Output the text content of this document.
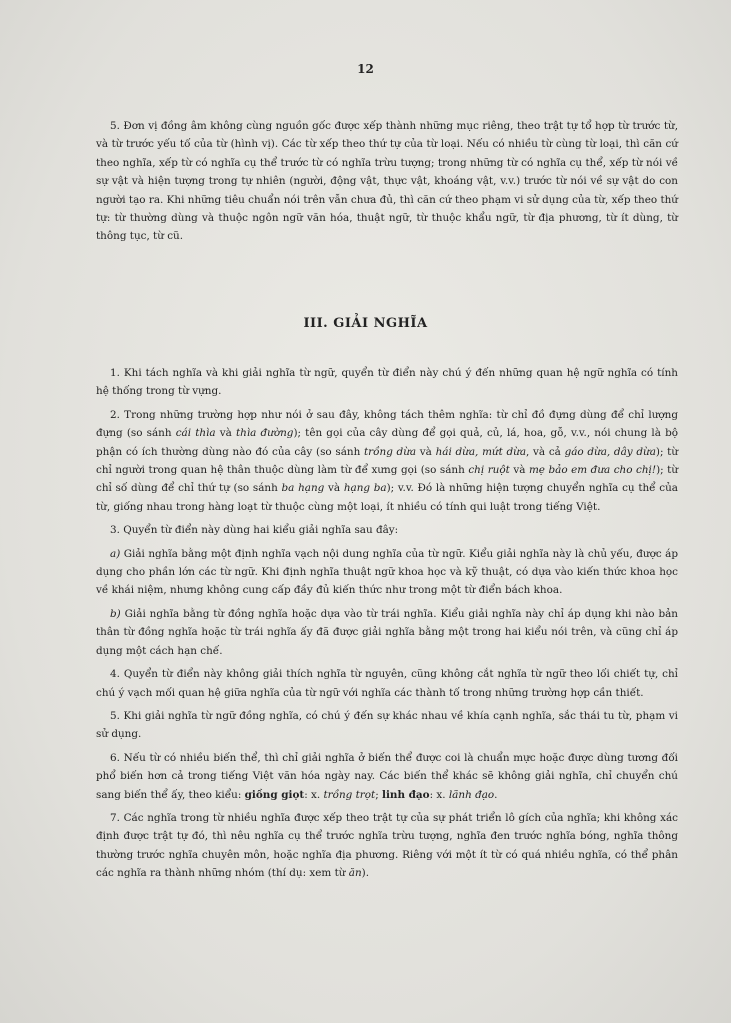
12

5. Đơn vị đồng âm không cùng nguồn gốc được xếp thành những mục riêng, theo trật tự tổ hợp từ trước từ, và từ trước yếu tố của từ (hình vị). Các từ xếp theo thứ tự của từ loại. Nếu có nhiều từ cùng từ loại, thì căn cứ theo nghĩa, xếp từ có nghĩa cụ thể trước từ có nghĩa trừu tượng; trong những từ có nghĩa cụ thể, xếp từ nói về sự vật và hiện tượng trong tự nhiên (người, động vật, thực vật, khoáng vật, v.v.) trước từ nói về sự vật do con người tạo ra. Khi những tiêu chuẩn nói trên vẫn chưa đủ, thì căn cứ theo phạm vi sử dụng của từ, xếp theo thứ tự: từ thường dùng và thuộc ngôn ngữ văn hóa, thuật ngữ, từ thuộc khẩu ngữ, từ địa phương, từ ít dùng, từ thông tục, từ cũ.

III. GIẢI NGHĨA

1. Khi tách nghĩa và khi giải nghĩa từ ngữ, quyển từ điển này chú ý đến những quan hệ ngữ nghĩa có tính hệ thống trong từ vựng.

2. Trong những trường hợp như nói ở sau đây, không tách thêm nghĩa: từ chỉ đồ đựng dùng để chỉ lượng đựng (so sánh cái thìa và thìa đường); tên gọi của cây dùng để gọi quả, củ, lá, hoa, gỗ, v.v., nói chung là bộ phận có ích thường dùng nào đó của cây (so sánh trồng dừa và hái dừa, mứt dừa, và cả gáo dừa, dây dừa); từ chỉ người trong quan hệ thân thuộc dùng làm từ để xưng gọi (so sánh chị ruột và mẹ bảo em đưa cho chị!); từ chỉ số dùng để chỉ thứ tự (so sánh ba hạng và hạng ba); v.v. Đó là những hiện tượng chuyển nghĩa cụ thể của từ, giống nhau trong hàng loạt từ thuộc cùng một loại, ít nhiều có tính qui luật trong tiếng Việt.

3. Quyển từ điển này dùng hai kiểu giải nghĩa sau đây:

a) Giải nghĩa bằng một định nghĩa vạch nội dung nghĩa của từ ngữ. Kiểu giải nghĩa này là chủ yếu, được áp dụng cho phần lớn các từ ngữ. Khi định nghĩa thuật ngữ khoa học và kỹ thuật, có dựa vào kiến thức khoa học về khái niệm, nhưng không cung cấp đầy đủ kiến thức như trong một từ điển bách khoa.

b) Giải nghĩa bằng từ đồng nghĩa hoặc dựa vào từ trái nghĩa. Kiểu giải nghĩa này chỉ áp dụng khi nào bản thân từ đồng nghĩa hoặc từ trái nghĩa ấy đã được giải nghĩa bằng một trong hai kiểu nói trên, và cũng chỉ áp dụng một cách hạn chế.

4. Quyển từ điển này không giải thích nghĩa từ nguyên, cũng không cắt nghĩa từ ngữ theo lối chiết tự, chỉ chú ý vạch mối quan hệ giữa nghĩa của từ ngữ với nghĩa các thành tố trong những trường hợp cần thiết.

5. Khi giải nghĩa từ ngữ đồng nghĩa, có chú ý đến sự khác nhau về khía cạnh nghĩa, sắc thái tu từ, phạm vi sử dụng.

6. Nếu từ có nhiều biến thể, thì chỉ giải nghĩa ở biến thể được coi là chuẩn mực hoặc được dùng tương đối phổ biến hơn cả trong tiếng Việt văn hóa ngày nay. Các biến thể khác sẽ không giải nghĩa, chỉ chuyển chú sang biến thể ấy, theo kiểu: giồng giọt: x. trồng trọt; linh đạo: x. lãnh đạo.

7. Các nghĩa trong từ nhiều nghĩa được xếp theo trật tự của sự phát triển lô gích của nghĩa; khi không xác định được trật tự đó, thì nêu nghĩa cụ thể trước nghĩa trừu tượng, nghĩa đen trước nghĩa bóng, nghĩa thông thường trước nghĩa chuyên môn, hoặc nghĩa địa phương. Riêng với một ít từ có quá nhiều nghĩa, có thể phân các nghĩa ra thành những nhóm (thí dụ: xem từ ăn).
